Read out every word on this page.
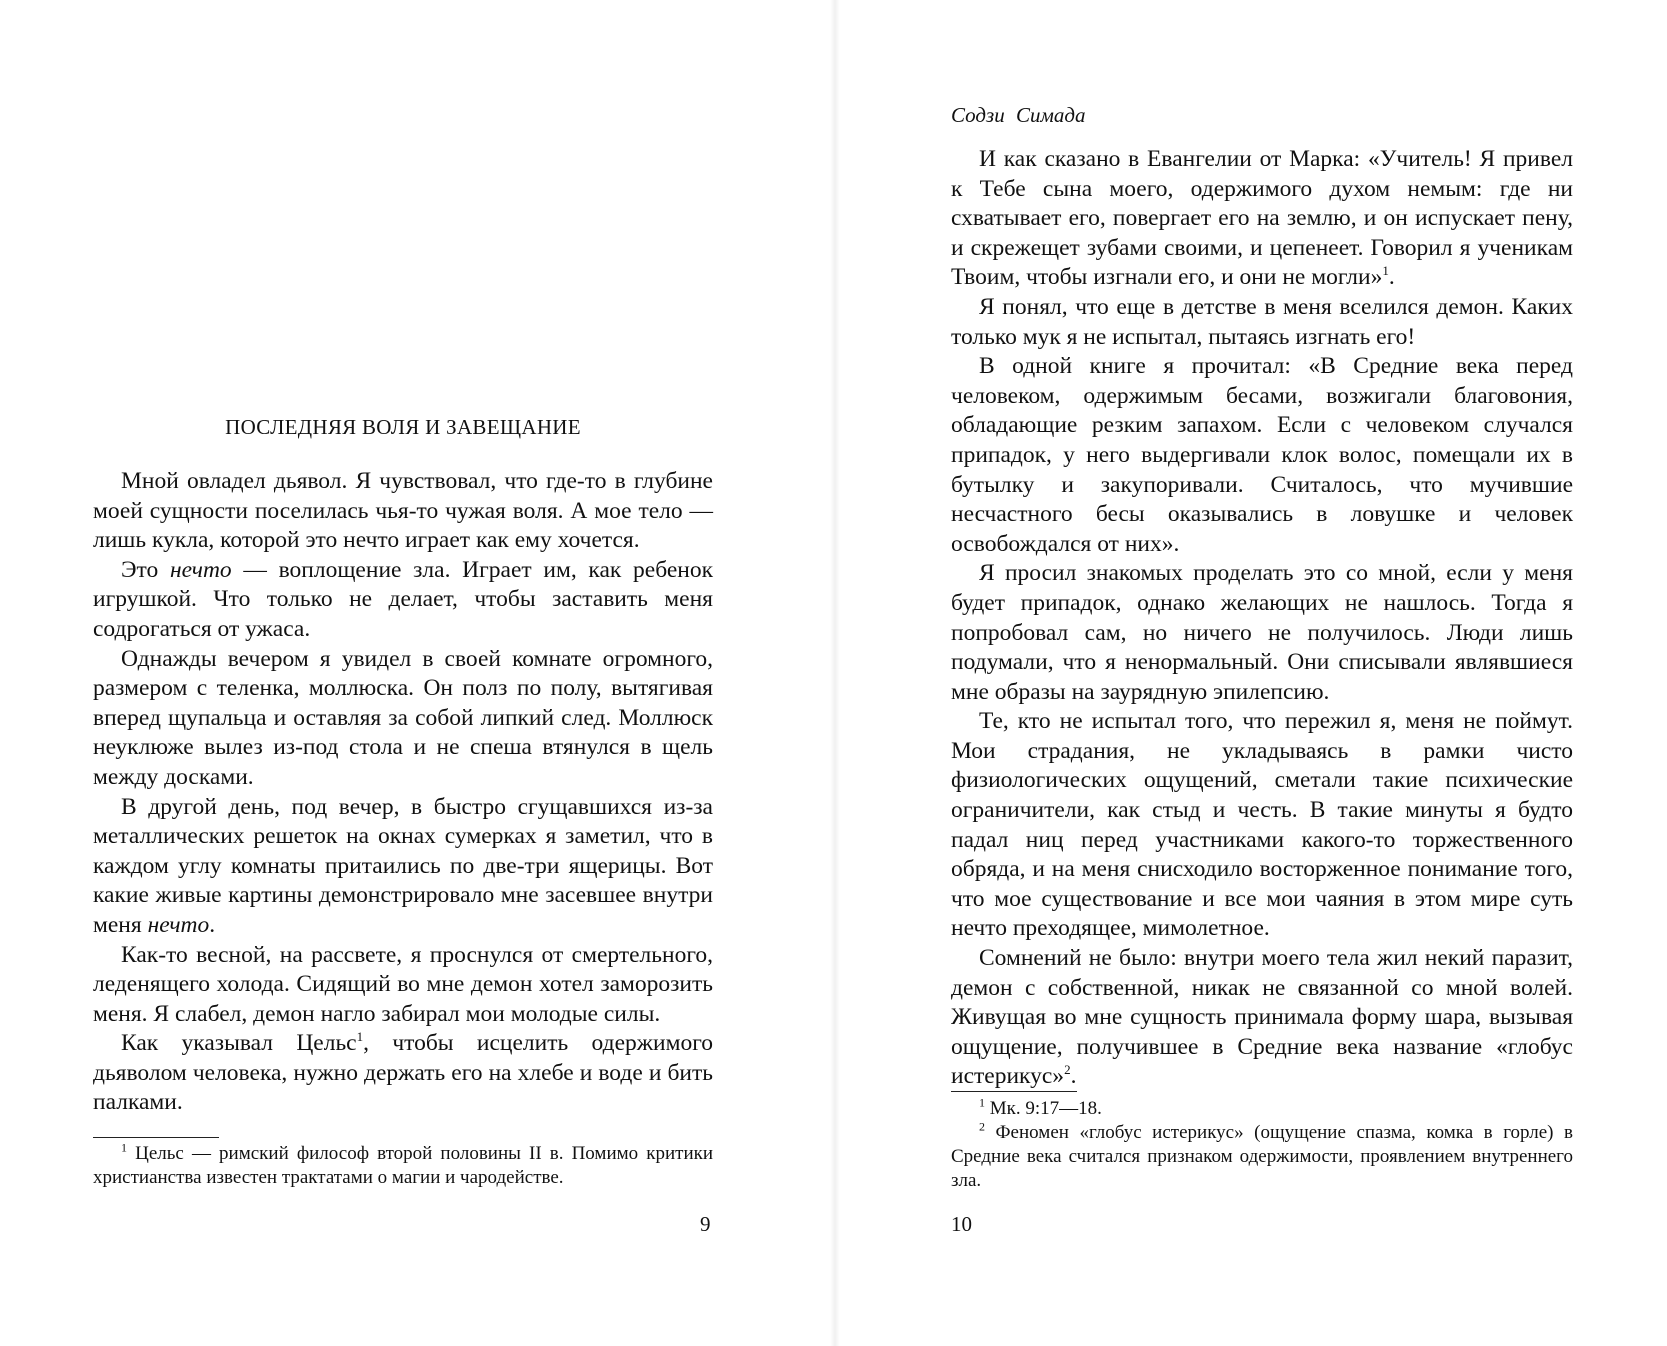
ПОСЛЕДНЯЯ ВОЛЯ И ЗАВЕЩАНИЕ

Мной овладел дьявол. Я чувствовал, что где-то в глубине моей сущности поселилась чья-то чужая воля. А мое тело — лишь кукла, которой это нечто играет как ему хочется.

Это нечто — воплощение зла. Играет им, как ребенок игрушкой. Что только не делает, чтобы заставить меня содрогаться от ужаса.

Однажды вечером я увидел в своей комнате огромного, размером с теленка, моллюска. Он полз по полу, вытягивая вперед щупальца и оставляя за собой липкий след. Моллюск неуклюже вылез из-под стола и не спеша втянулся в щель между досками.

В другой день, под вечер, в быстро сгущавшихся из-за металлических решеток на окнах сумерках я заметил, что в каждом углу комнаты притаились по две-три ящерицы. Вот какие живые картины демонстрировало мне засевшее внутри меня нечто.

Как-то весной, на рассвете, я проснулся от смертельного, леденящего холода. Сидящий во мне демон хотел заморозить меня. Я слабел, демон нагло забирал мои молодые силы.

Как указывал Цельс$^1$, чтобы исцелить одержимого дьяволом человека, нужно держать его на хлебе и воде и бить палками.

$^1$ Цельс — римский философ второй половины II в. Помимо критики христианства известен трактатами о магии и чародействе.

9
Содзи Симада

И как сказано в Евангелии от Марка: «Учитель! Я привел к Тебе сына моего, одержимого духом немым: где ни схватывает его, повергает его на землю, и он испускает пену, и скрежещет зубами своими, и цепенеет. Говорил я ученикам Твоим, чтобы изгнали его, и они не могли»$^1$.

Я понял, что еще в детстве в меня вселился демон. Каких только мук я не испытал, пытаясь изгнать его!

В одной книге я прочитал: «В Средние века перед человеком, одержимым бесами, возжигали благовония, обладающие резким запахом. Если с человеком случался припадок, у него выдергивали клок волос, помещали их в бутылку и закупоривали. Считалось, что мучившие несчастного бесы оказывались в ловушке и человек освобождался от них».

Я просил знакомых проделать это со мной, если у меня будет припадок, однако желающих не нашлось. Тогда я попробовал сам, но ничего не получилось. Люди лишь подумали, что я ненормальный. Они списывали являвшиеся мне образы на заурядную эпилепсию.

Те, кто не испытал того, что пережил я, меня не поймут. Мои страдания, не укладываясь в рамки чисто физиологических ощущений, сметали такие психические ограничители, как стыд и честь. В такие минуты я будто падал ниц перед участниками какого-то торжественного обряда, и на меня снисходило восторженное понимание того, что мое существование и все мои чаяния в этом мире суть нечто преходящее, мимолетное.

Сомнений не было: внутри моего тела жил некий паразит, демон с собственной, никак не связанной со мной волей. Живущая во мне сущность принимала форму шара, вызывая ощущение, получившее в Средние века название «глобус истерикус»$^2$.

$^1$ Мк. 9:17—18.

$^2$ Феномен «глобус истерикус» (ощущение спазма, комка в горле) в Средние века считался признаком одержимости, проявлением внутреннего зла.

10
